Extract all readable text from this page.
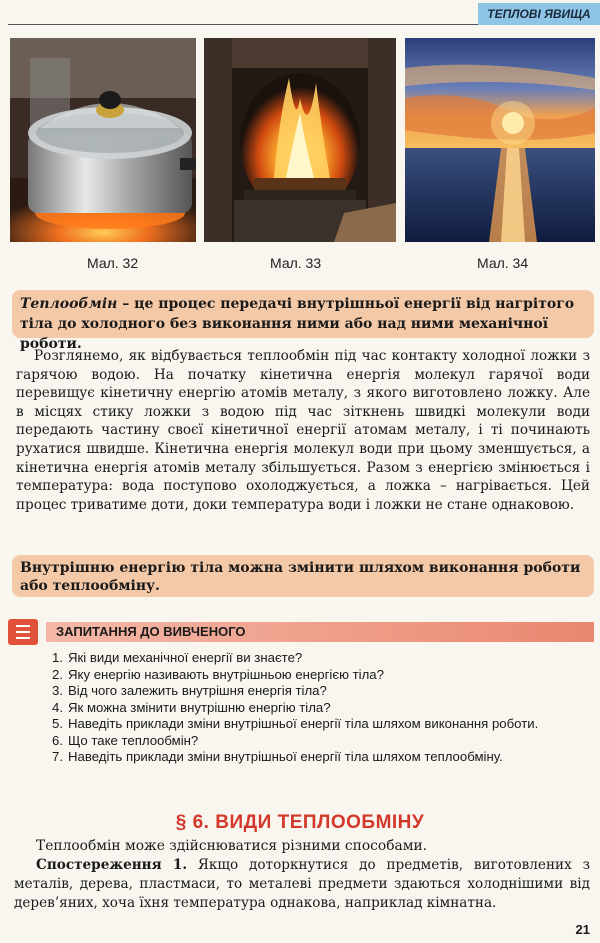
ТЕПЛОВІ ЯВИЩА
Мал. 32	Мал. 33	Мал. 34
Теплообмін – це процес передачі внутрішньої енергії від нагрітого тіла до холодного без виконання ними або над ними механічної роботи.

Розглянемо, як відбувається теплообмін під час контакту холодної ложки з гарячою водою. На початку кінетична енергія молекул гарячої води перевищує кінетичну енергію атомів металу, з якого виготовлено ложку. Але в місцях стику ложки з водою під час зіткнень швидкі молекули води передають частину своєї кінетичної енергії атомам металу, і ті починають рухатися швидше. Кінетична енергія молекул води при цьому зменшується, а кінетична енергія атомів металу збільшується. Разом з енергією змінюється і температура: вода поступово охолоджується, а ложка – нагрівається. Цей процес триватиме доти, доки температура води і ложки не стане однаковою.

Внутрішню енергію тіла можна змінити шляхом виконання роботи або теплообміну.
ЗАПИТАННЯ ДО ВИВЧЕНОГО
1. Які види механічної енергії ви знаєте?
2. Яку енергію називають внутрішньою енергією тіла?
3. Від чого залежить внутрішня енергія тіла?
4. Як можна змінити внутрішню енергію тіла?
5. Наведіть приклади зміни внутрішньої енергії тіла шляхом виконання роботи.
6. Що таке теплообмін?
7. Наведіть приклади зміни внутрішньої енергії тіла шляхом теплообміну.
§ 6. ВИДИ ТЕПЛООБМІНУ
Теплообмін може здійснюватися різними способами.

Спостереження 1. Якщо доторкнутися до предметів, виготовлених з металів, дерева, пластмаси, то металеві предмети здаються холоднішими від дерев’яних, хоча їхня температура однакова, наприклад кімнатна.

21
